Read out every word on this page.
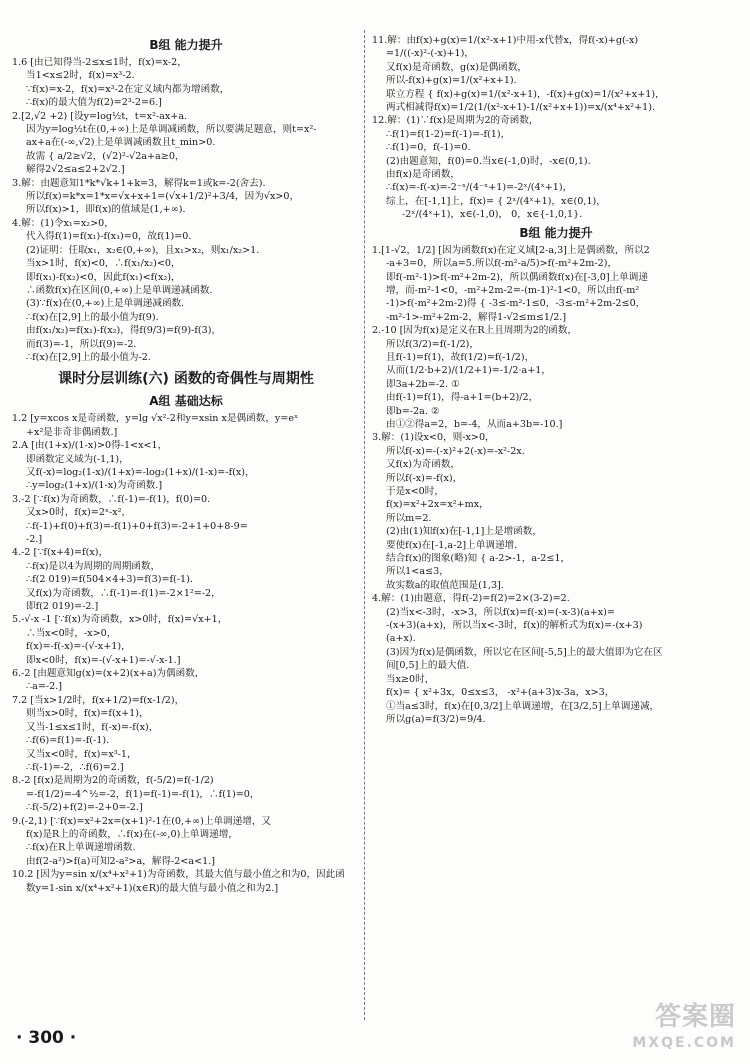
B组 能力提升
1.6 [由已知得当-2≤x≤1时，f(x)=x-2，
当1<x≤2时，f(x)=x³-2.
∵f(x)=x-2，f(x)=x³-2在定义域内都为增函数，
∴f(x)的最大值为f(2)=2³-2=6.]
2.[2,√2 +2) [设y=log½t，t=x²-ax+a.
因为y=log½t在(0,+∞)上是单调减函数，所以要满足题意，则t=x²-
ax+a在(-∞,√2)上是单调减函数且t_min>0.
故需 { a/2≥√2，(√2)²-√2a+a≥0，
解得2√2≤a≤2+2√2.]
3.解：由题意知1*k*√k+1+k=3，解得k=1或k=-2(舍去).
所以f(x)=k*x=1*x=√x+x+1=(√x+1/2)²+3/4，因为√x>0，
所以f(x)>1，即f(x)的值域是(1,+∞).
4.解：(1)令x₁=x₂>0，
代入得f(1)=f(x₁)-f(x₁)=0，故f(1)=0.
(2)证明：任取x₁，x₂∈(0,+∞)，且x₁>x₂，则x₁/x₂>1.
当x>1时，f(x)<0，∴f(x₁/x₂)<0，
即f(x₁)-f(x₂)<0，因此f(x₁)<f(x₂)，
∴函数f(x)在区间(0,+∞)上是单调递减函数.
(3)∵f(x)在(0,+∞)上是单调递减函数.
∴f(x)在[2,9]上的最小值为f(9).
由f(x₁/x₂)=f(x₁)-f(x₂)，得f(9/3)=f(9)-f(3)，
而f(3)=-1，所以f(9)=-2.
∴f(x)在[2,9]上的最小值为-2.
课时分层训练(六) 函数的奇偶性与周期性
A组 基础达标
1.2 [y=xcos x是奇函数，y=lg √x²-2和y=xsin x是偶函数，y=eˣ
+x²是非奇非偶函数.]
2.A [由(1+x)/(1-x)>0得-1<x<1，
即函数定义域为(-1,1)，
又f(-x)=log₂(1-x)/(1+x)=-log₂(1+x)/(1-x)=-f(x)，
∴y=log₂(1+x)/(1-x)为奇函数.]
3.-2 [∵f(x)为奇函数，∴f(-1)=-f(1)，f(0)=0.
又x>0时，f(x)=2ˣ-x²，
∴f(-1)+f(0)+f(3)=-f(1)+0+f(3)=-2+1+0+8-9=
-2.]
4.-2 [∵f(x+4)=f(x)，
∴f(x)是以4为周期的周期函数，
∴f(2 019)=f(504×4+3)=f(3)=f(-1).
又f(x)为奇函数，∴f(-1)=-f(1)=-2×1²=-2，
即f(2 019)=-2.]
5.-√-x -1 [∵f(x)为奇函数，x>0时，f(x)=√x+1，
∴当x<0时，-x>0，
f(x)=-f(-x)=-(√-x+1)，
即x<0时，f(x)=-(√-x+1)=-√-x-1.]
6.-2 [由题意知g(x)=(x+2)(x+a)为偶函数，
∴a=-2.]
7.2 [当x>1/2时，f(x+1/2)=f(x-1/2)，
则当x>0时，f(x)=f(x+1)，
又当-1≤x≤1时，f(-x)=-f(x)，
∴f(6)=f(1)=-f(-1).
又当x<0时，f(x)=x³-1，
∴f(-1)=-2，∴f(6)=2.]
8.-2 [f(x)是周期为2的奇函数，f(-5/2)=f(-1/2)
=-f(1/2)=-4^½=-2，f(1)=f(-1)=-f(1)，∴f(1)=0，
∴f(-5/2)+f(2)=-2+0=-2.]
9.(-2,1) [∵f(x)=x²+2x=(x+1)²-1在(0,+∞)上单调递增，又
f(x)是R上的奇函数，∴f(x)在(-∞,0)上单调递增，
∴f(x)在R上单调递增函数.
由f(2-a²)>f(a)可知2-a²>a，解得-2<a<1.]
10.2 [因为y=sin x/(x⁴+x²+1)为奇函数，其最大值与最小值之和为0，因此函
数y=1-sin x/(x⁴+x²+1)(x∈R)的最大值与最小值之和为2.]
11.解：由f(x)+g(x)=1/(x²-x+1)中用-x代替x，得f(-x)+g(-x)
=1/((-x)²-(-x)+1)，
又f(x)是奇函数，g(x)是偶函数，
所以-f(x)+g(x)=1/(x²+x+1).
联立方程 { f(x)+g(x)=1/(x²-x+1)，-f(x)+g(x)=1/(x²+x+1)，
两式相减得f(x)=1/2(1/(x²-x+1)-1/(x²+x+1))=x/(x⁴+x²+1).
12.解：(1)∵f(x)是周期为2的奇函数，
∴f(1)=f(1-2)=f(-1)=-f(1)，
∴f(1)=0，f(-1)=0.
(2)由题意知，f(0)=0.当x∈(-1,0)时，-x∈(0,1).
由f(x)是奇函数，
∴f(x)=-f(-x)=-2⁻ˣ/(4⁻ˣ+1)=-2ˣ/(4ˣ+1)，
综上，在[-1,1]上，f(x)= { 2ˣ/(4ˣ+1)，x∈(0,1)，
-2ˣ/(4ˣ+1)，x∈(-1,0)， 0，x∈{-1,0,1}.
B组 能力提升
1.[1-√2，1/2] [因为函数f(x)在定义域[2-a,3]上是偶函数，所以2
-a+3=0，所以a=5.所以f(-m²-a/5)>f(-m²+2m-2)，
即f(-m²-1)>f(-m²+2m-2)，所以偶函数f(x)在[-3,0]上单调递
增，而-m²-1<0，-m²+2m-2=-(m-1)²-1<0，所以由f(-m²
-1)>f(-m²+2m-2)得 { -3≤-m²-1≤0，-3≤-m²+2m-2≤0，
-m²-1>-m²+2m-2，解得1-√2≤m≤1/2.]
2.-10 [因为f(x)是定义在R上且周期为2的函数，
所以f(3/2)=f(-1/2)，
且f(-1)=f(1)，故f(1/2)=f(-1/2)，
从而(1/2·b+2)/(1/2+1)=-1/2·a+1，
即3a+2b=-2. ①
由f(-1)=f(1)，得-a+1=(b+2)/2，
即b=-2a. ②
由①②得a=2，b=-4，从而a+3b=-10.]
3.解：(1)设x<0，则-x>0，
所以f(-x)=-(-x)²+2(-x)=-x²-2x.
又f(x)为奇函数，
所以f(-x)=-f(x)，
于是x<0时，
f(x)=x²+2x=x²+mx，
所以m=2.
(2)由(1)知f(x)在[-1,1]上是增函数，
要使f(x)在[-1,a-2]上单调递增.
结合f(x)的图象(略)知 { a-2>-1，a-2≤1，
所以1<a≤3，
故实数a的取值范围是(1,3].
4.解：(1)由题意，得f(-2)=f(2)=2×(3-2)=2.
(2)当x<-3时，-x>3，所以f(x)=f(-x)=(-x-3)(a+x)=
-(x+3)(a+x)，所以当x<-3时，f(x)的解析式为f(x)=-(x+3)
(a+x).
(3)因为f(x)是偶函数，所以它在区间[-5,5]上的最大值即为它在区
间[0,5]上的最大值.
当x≥0时，
f(x)= { x²+3x，0≤x≤3， -x²+(a+3)x-3a，x>3，
①当a≤3时，f(x)在[0,3/2]上单调递增，在[3/2,5]上单调递减，
所以g(a)=f(3/2)=9/4.
· 300 ·
答案圈
MXQE.COM
